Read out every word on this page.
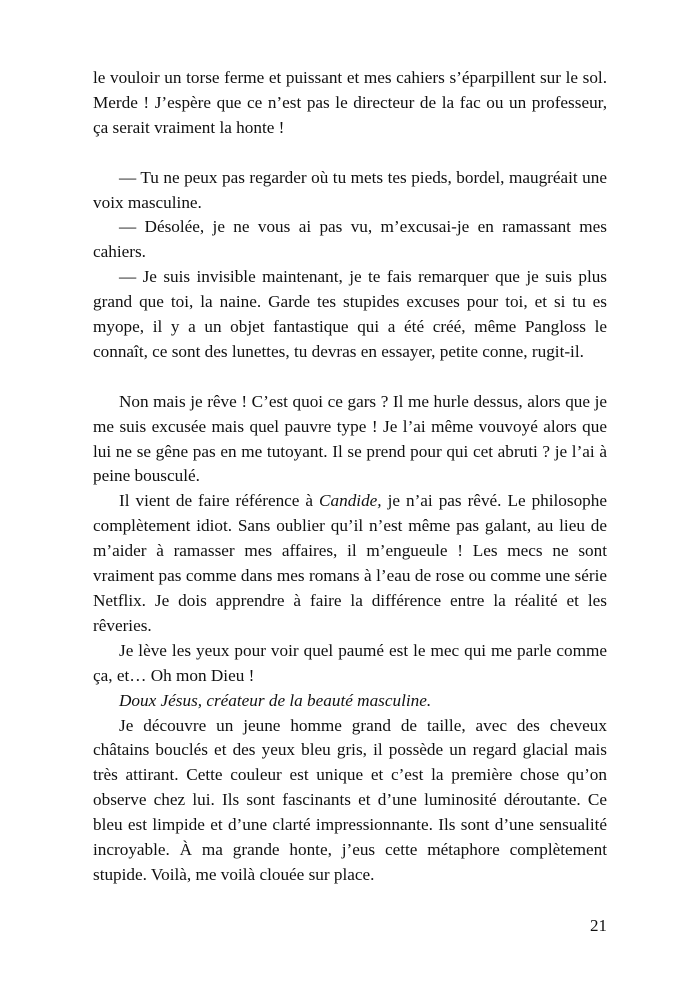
le vouloir un torse ferme et puissant et mes cahiers s’éparpillent sur le sol. Merde ! J’espère que ce n’est pas le directeur de la fac ou un professeur, ça serait vraiment la honte !

— Tu ne peux pas regarder où tu mets tes pieds, bordel, maugréait une voix masculine.

— Désolée, je ne vous ai pas vu, m’excusai-je en ramassant mes cahiers.

— Je suis invisible maintenant, je te fais remarquer que je suis plus grand que toi, la naine. Garde tes stupides excuses pour toi, et si tu es myope, il y a un objet fantastique qui a été créé, même Pangloss le connaît, ce sont des lunettes, tu devras en essayer, petite conne, rugit-il.

Non mais je rêve ! C’est quoi ce gars ? Il me hurle dessus, alors que je me suis excusée mais quel pauvre type ! Je l’ai même vouvoyé alors que lui ne se gêne pas en me tutoyant. Il se prend pour qui cet abruti ? je l’ai à peine bousculé.

Il vient de faire référence à Candide, je n’ai pas rêvé. Le philosophe complètement idiot. Sans oublier qu’il n’est même pas galant, au lieu de m’aider à ramasser mes affaires, il m’engueule ! Les mecs ne sont vraiment pas comme dans mes romans à l’eau de rose ou comme une série Netflix. Je dois apprendre à faire la différence entre la réalité et les rêveries.

Je lève les yeux pour voir quel paumé est le mec qui me parle comme ça, et… Oh mon Dieu !

Doux Jésus, créateur de la beauté masculine.

Je découvre un jeune homme grand de taille, avec des cheveux châtains bouclés et des yeux bleu gris, il possède un regard glacial mais très attirant. Cette couleur est unique et c’est la première chose qu’on observe chez lui. Ils sont fascinants et d’une luminosité déroutante. Ce bleu est limpide et d’une clarté impressionnante. Ils sont d’une sensualité incroyable. À ma grande honte, j’eus cette métaphore complètement stupide. Voilà, me voilà clouée sur place.

21
